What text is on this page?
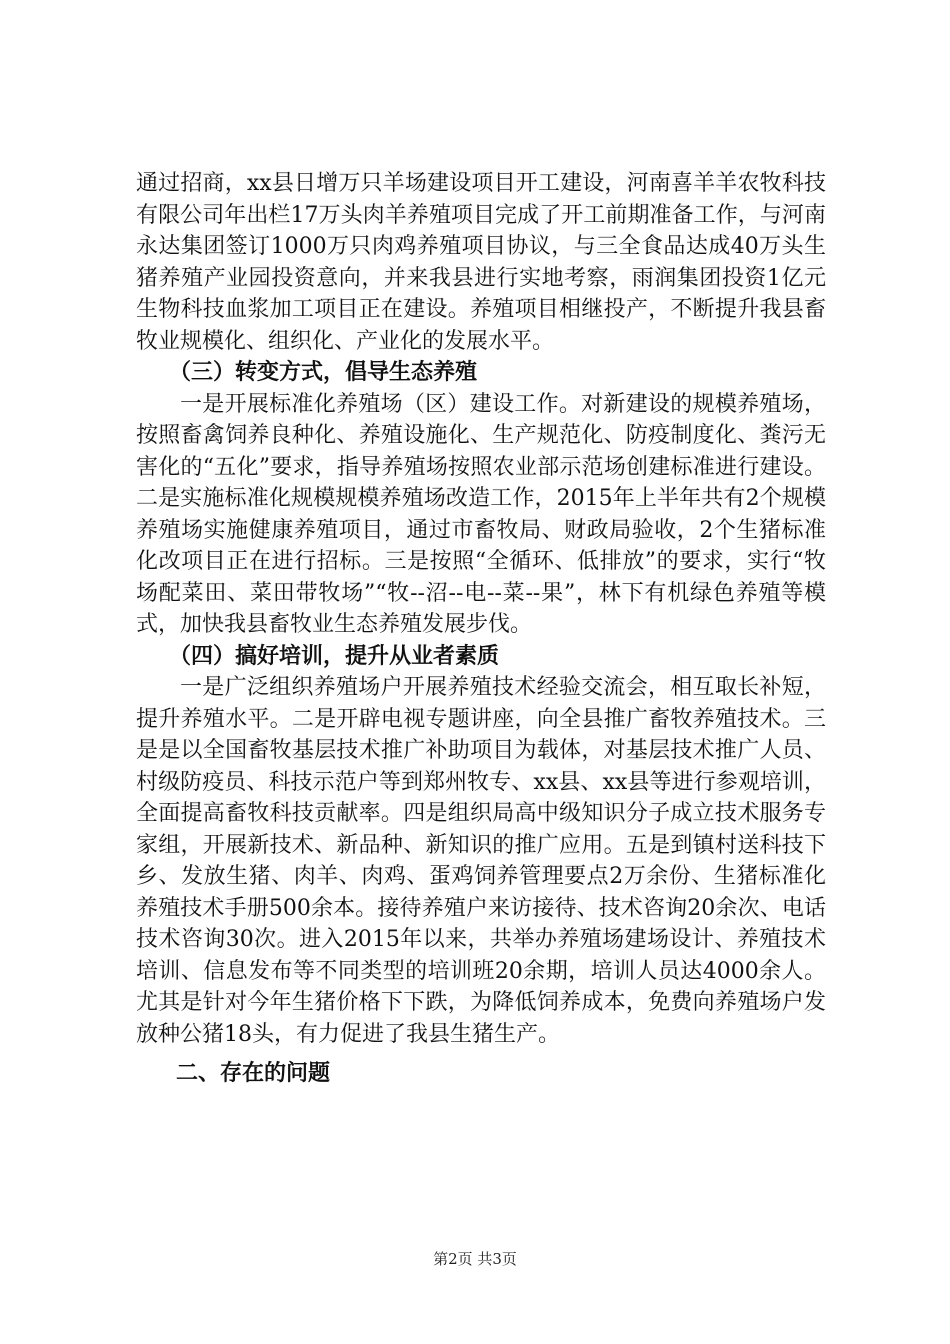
通过招商，xx县日增万只羊场建设项目开工建设，河南喜羊羊农牧科技有限公司年出栏17万头肉羊养殖项目完成了开工前期准备工作，与河南永达集团签订1000万只肉鸡养殖项目协议，与三全食品达成40万头生猪养殖产业园投资意向，并来我县进行实地考察，雨润集团投资1亿元生物科技血浆加工项目正在建设。养殖项目相继投产，不断提升我县畜牧业规模化、组织化、产业化的发展水平。

（三）转变方式，倡导生态养殖

一是开展标准化养殖场（区）建设工作。对新建设的规模养殖场，按照畜禽饲养良种化、养殖设施化、生产规范化、防疫制度化、粪污无害化的“五化”要求，指导养殖场按照农业部示范场创建标准进行建设。二是实施标准化规模规模养殖场改造工作，2015年上半年共有2个规模养殖场实施健康养殖项目，通过市畜牧局、财政局验收，2个生猪标准化改项目正在进行招标。三是按照“全循环、低排放”的要求，实行“牧场配菜田、菜田带牧场”“牧--沼--电--菜--果”，林下有机绿色养殖等模式，加快我县畜牧业生态养殖发展步伐。

（四）搞好培训，提升从业者素质

一是广泛组织养殖场户开展养殖技术经验交流会，相互取长补短，提升养殖水平。二是开辟电视专题讲座，向全县推广畜牧养殖技术。三是是以全国畜牧基层技术推广补助项目为载体，对基层技术推广人员、村级防疫员、科技示范户等到郑州牧专、xx县、xx县等进行参观培训，全面提高畜牧科技贡献率。四是组织局高中级知识分子成立技术服务专家组，开展新技术、新品种、新知识的推广应用。五是到镇村送科技下乡、发放生猪、肉羊、肉鸡、蛋鸡饲养管理要点2万余份、生猪标准化养殖技术手册500余本。接待养殖户来访接待、技术咨询20余次、电话技术咨询30次。进入2015年以来，共举办养殖场建场设计、养殖技术培训、信息发布等不同类型的培训班20余期，培训人员达4000余人。尤其是针对今年生猪价格下下跌，为降低饲养成本，免费向养殖场户发放种公猪18头，有力促进了我县生猪生产。

二、存在的问题

第2页 共3页
